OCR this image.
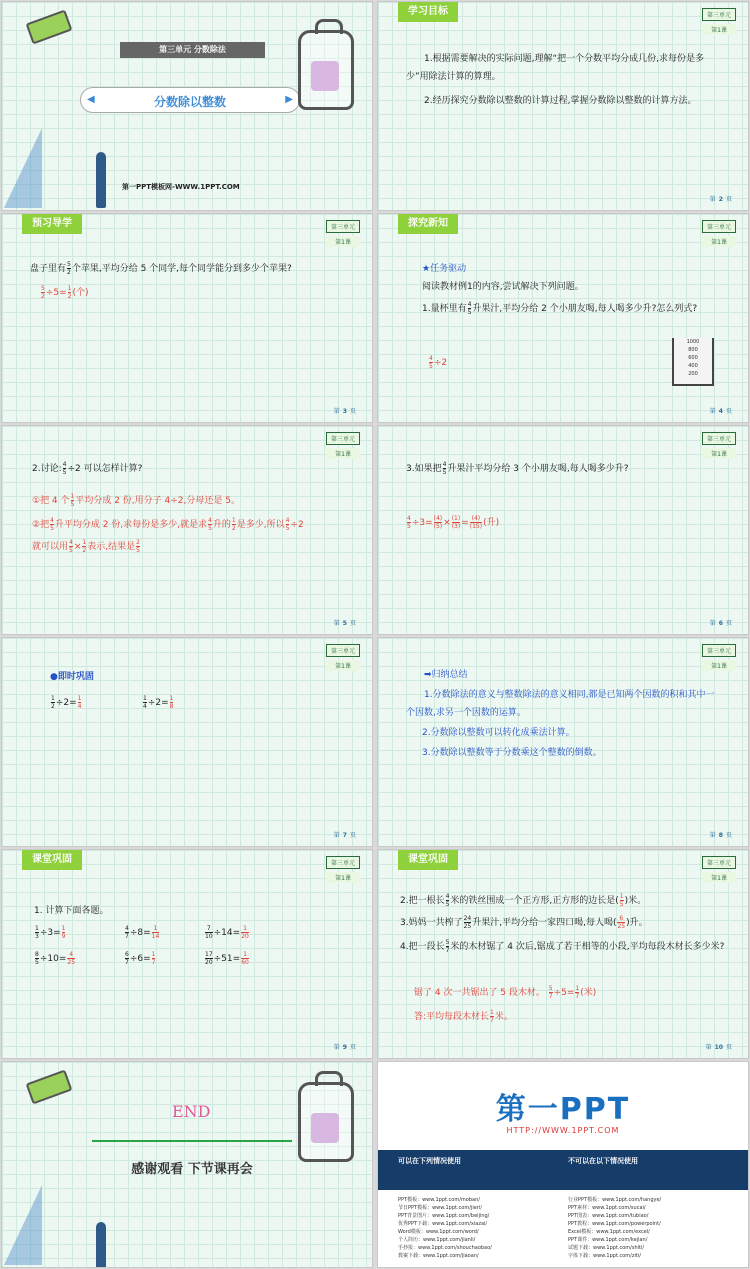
第三单元 分数除法
◀	分数除以整数	▶
第一PPT模板网-WWW.1PPT.COM
学习目标	第三单元
第1课
1.根据需要解决的实际问题,理解“把一个分数平均分成几份,求每份是多少”用除法计算的算理。
2.经历探究分数除以整数的计算过程,掌握分数除以整数的计算方法。
第 2 页
预习导学	第三单元
第1课
盘子里有 $\frac{5}{2}$ 个苹果,平均分给 5 个同学,每个同学能分到多少个苹果?
$\frac{5}{2} \div 5= \frac{1}{2}$ (个)
第 3 页
探究新知	第三单元
第1课
★任务驱动
阅读教材例1的内容,尝试解决下列问题。
1.量杯里有 $\frac{4}{5}$ 升果汁,平均分给 2 个小朋友喝,每人喝多少升?怎么列式?
$\frac{4}{5} \div 2$
1000
800
600
400
200
第 4 页
第三单元
第1课
2.讨论: $\frac{4}{5} \div 2$ 可以怎样计算?
①把 4 个 $\frac{1}{5}$ 平均分成 2 份,用分子 4÷2,分母还是 5。
②把 $\frac{4}{5}$ 升平均分成 2 份,求每份是多少,就是求 $\frac{4}{5}$ 升的 $\frac{1}{2}$ 是多少,所以 $\frac{4}{5} \div 2$
就可以用 $\frac{4}{5} \times \frac{1}{2}$ 表示,结果是 $\frac{2}{5}$
第 5 页
第三单元
第1课
3.如果把 $\frac{4}{5}$ 升果汁平均分给 3 个小朋友喝,每人喝多少升?
$\frac{4}{5} \div 3= \frac{(4)}{(5)} \times \frac{(1)}{(3)} = \frac{(4)}{(15)}$ (升)
第 6 页
第三单元
第1课
●即时巩固
$\frac{1}{2} \div 2= \frac{1}{4}$	$\frac{1}{4} \div 2= \frac{1}{8}$
第 7 页
第三单元
第1课
➡归纳总结
1.分数除法的意义与整数除法的意义相同,都是已知两个因数的积和其中一个因数,求另一个因数的运算。
2.分数除以整数可以转化成乘法计算。
3.分数除以整数等于分数乘这个整数的倒数。
第 8 页
课堂巩固	第三单元
第1课
1. 计算下面各题。
$\frac{1}{3} \div 3= \frac{1}{9}$	$\frac{4}{7} \div 8= \frac{1}{14}$	$\frac{7}{10} \div 14= \frac{1}{20}$
$\frac{8}{5} \div 10= \frac{4}{25}$	$\frac{6}{7} \div 6= \frac{1}{7}$	$\frac{17}{20} \div 51= \frac{1}{60}$
第 9 页
课堂巩固	第三单元
第1课
2.把一根长 $\frac{4}{5}$ 米的铁丝围成一个正方形,正方形的边长是( $\frac{1}{5}$ )米。
3.妈妈一共榨了 $\frac{24}{25}$ 升果汁,平均分给一家四口喝,每人喝( $\frac{6}{25}$ )升。
4.把一段长 $\frac{5}{7}$ 米的木材锯了 4 次后,锯成了若干相等的小段,平均每段木材长多少米?
锯了 4 次一共锯出了 5 段木材。 $\frac{5}{7} \div 5= \frac{1}{7}$ (米)
答:平均每段木材长 $\frac{1}{7}$ 米。
第 10 页
END
感谢观看 下节课再会
第一PPT
HTTP://WWW.1PPT.COM
可以在下列情况使用	不可以在以下情况使用
PPT模板：www.1ppt.com/moban/
节日PPT模板：www.1ppt.com/jieri/
PPT背景图片：www.1ppt.com/beijing/
优秀PPT下载：www.1ppt.com/xiazai/
Word模板：www.1ppt.com/word/
个人简历：www.1ppt.com/jianli/
手抄报：www.1ppt.com/shouchaobao/
教案下载：www.1ppt.com/jiaoan/
行业PPT模板：www.1ppt.com/hangye/
PPT素材：www.1ppt.com/sucai/
PPT图表：www.1ppt.com/tubiao/
PPT教程：www.1ppt.com/powerpoint/
Excel模板：www.1ppt.com/excel/
PPT课件：www.1ppt.com/kejian/
试题下载：www.1ppt.com/shiti/
字体下载：www.1ppt.com/ziti/
